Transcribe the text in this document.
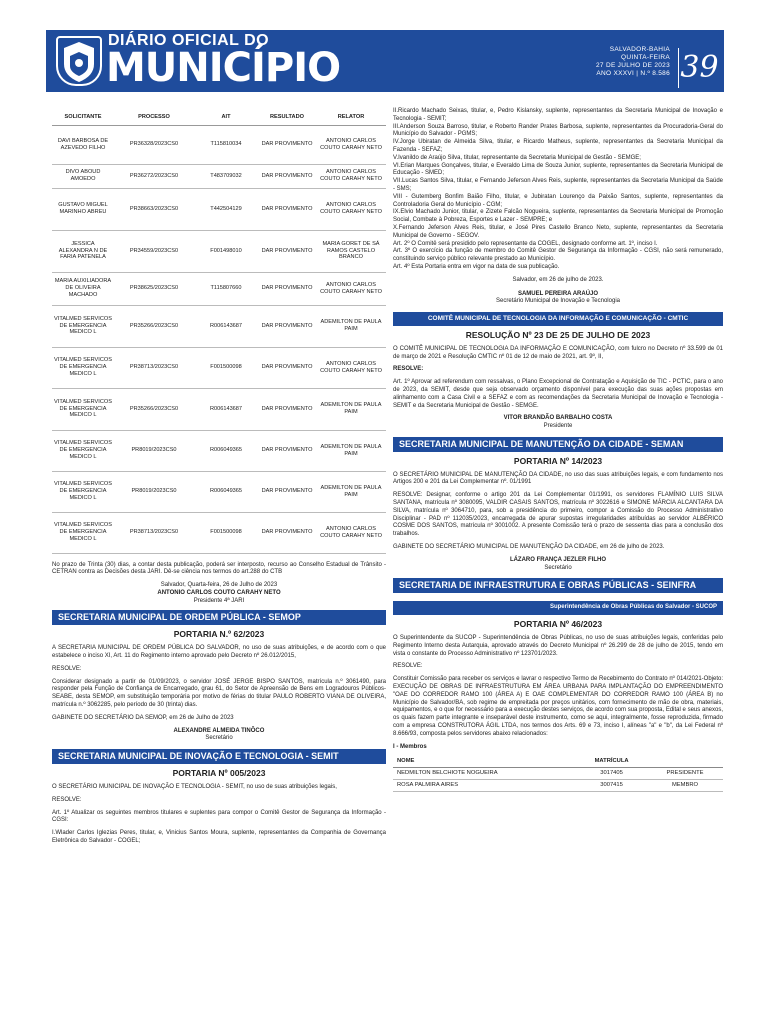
DIÁRIO OFICIAL DO
MUNICÍPIO	SALVADOR-BAHIA
QUINTA-FEIRA
27 DE JULHO DE 2023
ANO XXXVI | N.º 8.586 39
SOLICITANTE	PROCESSO	AIT	RESULTADO	RELATOR
DAVI BARBOSA DE AZEVEDO FILHO	PR36328/2023CS0	T115810034	DAR PROVIMENTO	ANTONIO CARLOS COUTO CARAHY NETO
DIVO ABOUD AMOEDO	PR36272/2023CS0	T483709032	DAR PROVIMENTO	ANTONIO CARLOS COUTO CARAHY NETO
GUSTAVO MIGUEL MARINHO ABREU	PR38663/2023CS0	T442504129	DAR PROVIMENTO	ANTONIO CARLOS COUTO CARAHY NETO
JESSICA ALEXANDRA N DE FARIA PATENELA	PR34559/2023CS0	F001498010	DAR PROVIMENTO	MARIA GORET DE SÁ RAMOS CASTELO BRANCO
MARIA AUXILIADORA DE OLIVEIRA MACHADO	PR38625/2023CS0	T115807660	DAR PROVIMENTO	ANTONIO CARLOS COUTO CARAHY NETO
VITALMED SERVICOS DE EMERGENCIA MEDICO L	PR35266/2023CS0	R006143687	DAR PROVIMENTO	ADEMILTON DE PAULA PAIM
VITALMED SERVICOS DE EMERGENCIA MEDICO L	PR38713/2023CS0	F001500098	DAR PROVIMENTO	ANTONIO CARLOS COUTO CARAHY NETO
VITALMED SERVICOS DE EMERGENCIA MEDICO L	PR35266/2023CS0	R006143687	DAR PROVIMENTO	ADEMILTON DE PAULA PAIM
VITALMED SERVICOS DE EMERGENCIA MEDICO L	PR8019/2023CS0	R006049365	DAR PROVIMENTO	ADEMILTON DE PAULA PAIM
VITALMED SERVICOS DE EMERGENCIA MEDICO L	PR8019/2023CS0	R006049365	DAR PROVIMENTO	ADEMILTON DE PAULA PAIM
VITALMED SERVICOS DE EMERGENCIA MEDICO L	PR38713/2023CS0	F001500098	DAR PROVIMENTO	ANTONIO CARLOS COUTO CARAHY NETO
No prazo de Trinta (30) dias, a contar desta publicação, poderá ser interposto, recurso ao Conselho Estadual de Trânsito - CETRAN contra as Decisões desta JARI. Dê-se ciência nos termos do art.288 do CTB
Salvador, Quarta-feira, 26 de Julho de 2023
ANTONIO CARLOS COUTO CARAHY NETO
Presidente 4ª JARI
SECRETARIA MUNICIPAL DE ORDEM PÚBLICA - SEMOP
PORTARIA N.º 62/2023
A SECRETARIA MUNICIPAL DE ORDEM PÚBLICA DO SALVADOR, no uso de suas atribuições, e de acordo com o que estabelece o inciso XI, Art. 11 do Regimento interno aprovado pelo Decreto nº 26.012/2015,
RESOLVE:
Considerar designado a partir de 01/09/2023, o servidor JOSÉ JERGE BISPO SANTOS, matrícula n.º 3061490, para responder pela Função de Confiança de Encarregado, grau 61, do Setor de Apreensão de Bens em Logradouros Públicos- SEABE, desta SEMOP, em substituição temporária por motivo de férias do titular PAULO ROBERTO VIANA DE OLIVEIRA, matrícula n.º 3062285, pelo período de 30 (trinta) dias.
GABINETE DO SECRETÁRIO DA SEMOP, em 26 de Julho de 2023
ALEXANDRE ALMEIDA TINÔCO
Secretário
SECRETARIA MUNICIPAL DE INOVAÇÃO E TECNOLOGIA - SEMIT
PORTARIA Nº 005/2023
O SECRETÁRIO MUNICIPAL DE INOVAÇÃO E TECNOLOGIA - SEMIT, no uso de suas atribuições legais,
RESOLVE:
Art. 1º Atualizar os seguintes membros titulares e suplentes para compor o Comitê Gestor de Segurança da Informação - CGSI:
I.Wlader Carlos Iglezias Peres, titular, e, Vinicius Santos Moura, suplente, representantes da Companhia de Governança Eletrônica do Salvador - COGEL;
II.Ricardo Machado Seixas, titular, e, Pedro Kislansky, suplente, representantes da Secretaria Municipal de Inovação e Tecnologia - SEMIT;
III.Anderson Souza Barroso, titular, e Roberto Rander Prates Barbosa, suplente, representantes da Procuradoria-Geral do Município do Salvador - PGMS;
IV.Jorge Ubiratan de Almeida Silva, titular, e Ricardo Matheus, suplente, representantes da Secretaria Municipal da Fazenda - SEFAZ;
V.Ivanildo de Araújo Silva, titular, representante da Secretaria Municipal de Gestão - SEMGE;
VI.Erian Marques Gonçalves, titular, e Everaldo Lima de Souza Junior, suplente, representantes da Secretaria Municipal de Educação - SMED;
VII.Lucas Santos Silva, titular, e Fernando Jeferson Alves Reis, suplente, representantes da Secretaria Municipal da Saúde - SMS;
VIII - Gutemberg Bonfim Baião Filho, titular, e Jubiratan Lourenço da Paixão Santos, suplente, representantes da Controladoria Geral do Município - CGM;
IX.Elvio Machado Junior, titular, e Zizete Falcão Nogueira, suplente, representantes da Secretaria Municipal de Promoção Social, Combate à Pobreza, Esportes e Lazer - SEMPRE; e
X.Fernando Jeferson Alves Reis, titular, e José Pires Castello Branco Neto, suplente, representantes da Secretaria Municipal de Governo - SEGOV.
Art. 2º O Comitê será presidido pelo representante da COGEL, designado conforme art. 1º, inciso I.
Art. 3º O exercício da função de membro do Comitê Gestor de Segurança da Informação - CGSI, não será remunerado, constituindo serviço público relevante prestado ao Município.
Art. 4º Esta Portaria entra em vigor na data de sua publicação.
Salvador, em 26 de julho de 2023.
SAMUEL PEREIRA ARAÚJO
Secretário Municipal de Inovação e Tecnologia
COMITÊ MUNICIPAL DE TECNOLOGIA DA INFORMAÇÃO E COMUNICAÇÃO - CMTIC
RESOLUÇÃO Nº 23 DE 25 DE JULHO DE 2023
O COMITÊ MUNICIPAL DE TECNOLOGIA DA INFORMAÇÃO E COMUNICAÇÃO, com fulcro no Decreto nº 33.599 de 01 de março de 2021 e Resolução CMTIC nº 01 de 12 de maio de 2021, art. 9º, II,
RESOLVE:
Art. 1º Aprovar ad referendum com ressalvas, o Plano Excepcional de Contratação e Aquisição de TIC - PCTIC, para o ano de 2023, da SEMIT, desde que seja observado orçamento disponível para execução das suas ações propostas em alinhamento com a Casa Civil e a SEFAZ e com as recomendações da Secretaria Municipal de Inovação e Tecnologia - SEMIT e da Secretaria Municipal de Gestão - SEMGE.
VITOR BRANDÃO BARBALHO COSTA
Presidente
SECRETARIA MUNICIPAL DE MANUTENÇÃO DA CIDADE - SEMAN
PORTARIA Nº 14/2023
O SECRETÁRIO MUNICIPAL DE MANUTENÇÃO DA CIDADE, no uso das suas atribuições legais, e com fundamento nos Artigos 200 e 201 da Lei Complementar nº. 01/1991
RESOLVE: Designar, conforme o artigo 201 da Lei Complementar 01/1991, os servidores FLAMÍNIO LUIS SILVA SANTANA, matrícula nº 3080095, VALDIR CASAIS SANTOS, matrícula nº 3022616 e SIMONE MÁRCIA ALCANTARA DA SILVA, matrícula nº 3064710, para, sob a presidência do primeiro, compor a Comissão do Processo Administrativo Disciplinar - PAD nº 112035/2023, encarregada de apurar supostas irregularidades atribuídas ao servidor ALBÉRICO COSME DOS SANTOS, matrícula nº 3001002. A presente Comissão terá o prazo de sessenta dias para a conclusão dos trabalhos.
GABINETE DO SECRETÁRIO MUNICIPAL DE MANUTENÇÃO DA CIDADE, em 26 de julho de 2023.
LÁZARO FRANÇA JEZLER FILHO
Secretário
SECRETARIA DE INFRAESTRUTURA E OBRAS PÚBLICAS - SEINFRA
Superintendência de Obras Públicas do Salvador - SUCOP
PORTARIA Nº 46/2023
O Superintendente da SUCOP - Superintendência de Obras Públicas, no uso de suas atribuições legais, conferidas pelo Regimento Interno desta Autarquia, aprovado através do Decreto Municipal nº 26.299 de 28 de julho de 2015, tendo em vista o constante do Processo Administrativo nº 123701/2023.
RESOLVE:
Constituir Comissão para receber os serviços e lavrar o respectivo Termo de Recebimento do Contrato nº 014/2021-Objeto: EXECUÇÃO DE OBRAS DE INFRAESTRUTURA EM ÁREA URBANA PARA IMPLANTAÇÃO DO EMPREENDIMENTO "OAE DO CORREDOR RAMO 100 (ÁREA A) E OAE COMPLEMENTAR DO CORREDOR RAMO 100 (ÁREA B) no Município de Salvador/BA, sob regime de empreitada por preços unitários, com fornecimento de mão de obra, materiais, equipamentos, e o que for necessário para a execução destes serviços, de acordo com sua proposta, Edital e seus anexos, os quais fazem parte integrante e inseparável deste instrumento, como se aqui, integralmente, fosse reproduzida, firmado com a empresa CONSTRUTORA ÁGIL LTDA, nos termos dos Arts. 69 e 73, inciso I, alíneas "a" e "b", da Lei Federal nº 8.666/93, composta pelos servidores abaixo relacionados:
I - Membros
NOME	MATRÍCULA	
NEDMILTON BELCHIOTE NOGUEIRA	3017405	PRESIDENTE
ROSA PALMIRA AIRES	3007415	MEMBRO
